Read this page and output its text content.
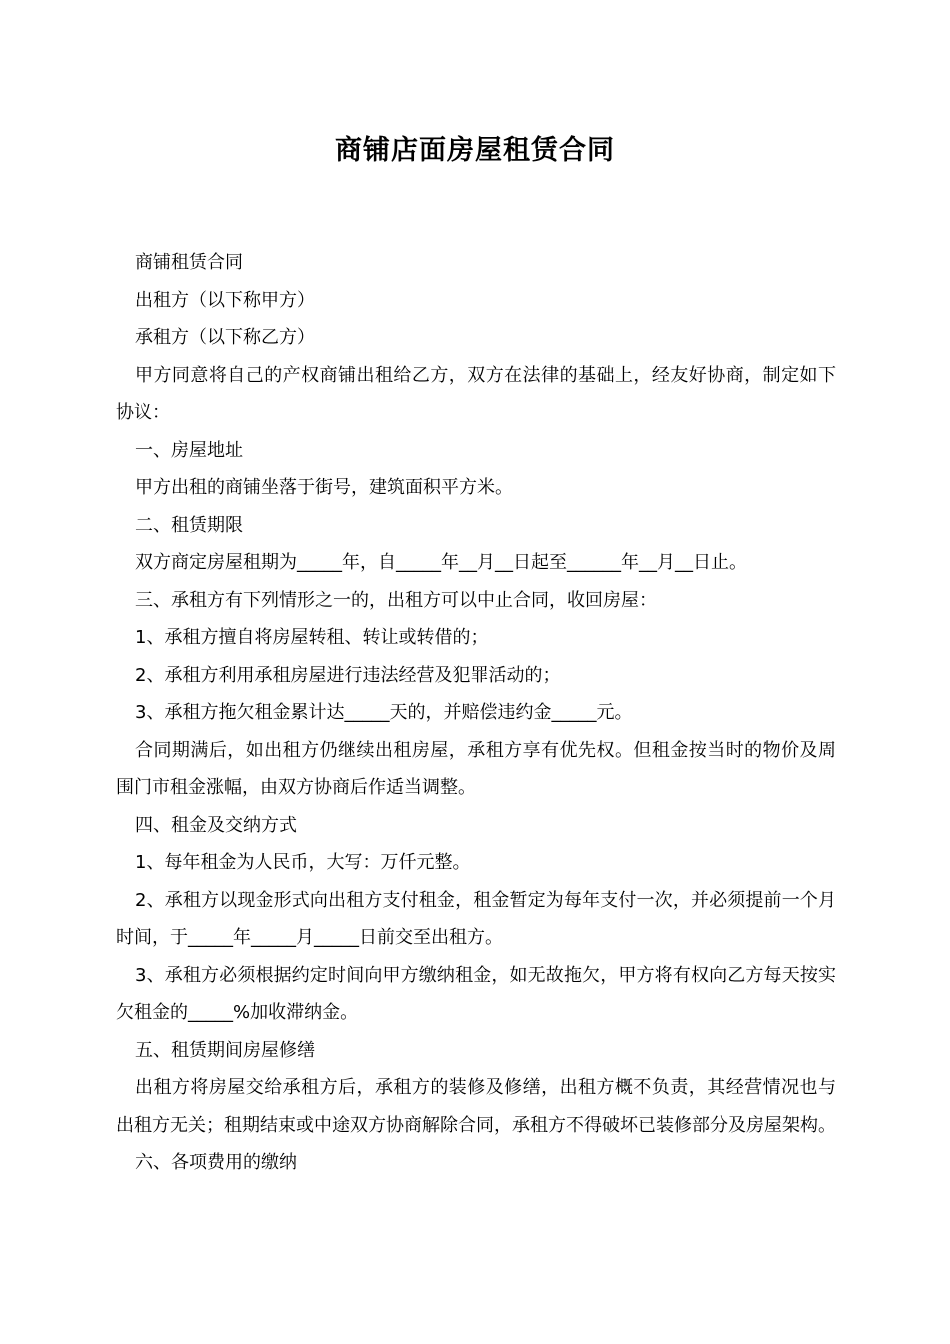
商铺店面房屋租赁合同

商铺租赁合同

出租方（以下称甲方）

承租方（以下称乙方）

甲方同意将自己的产权商铺出租给乙方，双方在法律的基础上，经友好协商，制定如下协议：

一、房屋地址

甲方出租的商铺坐落于街号，建筑面积平方米。

二、租赁期限

双方商定房屋租期为_____年，自_____年__月__日起至______年__月__日止。

三、承租方有下列情形之一的，出租方可以中止合同，收回房屋：

1、承租方擅自将房屋转租、转让或转借的；

2、承租方利用承租房屋进行违法经营及犯罪活动的；

3、承租方拖欠租金累计达_____天的，并赔偿违约金_____元。

合同期满后，如出租方仍继续出租房屋，承租方享有优先权。但租金按当时的物价及周围门市租金涨幅，由双方协商后作适当调整。

四、租金及交纳方式

1、每年租金为人民币，大写：万仟元整。

2、承租方以现金形式向出租方支付租金，租金暂定为每年支付一次，并必须提前一个月时间，于_____年_____月_____日前交至出租方。

3、承租方必须根据约定时间向甲方缴纳租金，如无故拖欠，甲方将有权向乙方每天按实欠租金的_____%加收滞纳金。

五、租赁期间房屋修缮

出租方将房屋交给承租方后，承租方的装修及修缮，出租方概不负责，其经营情况也与出租方无关；租期结束或中途双方协商解除合同，承租方不得破坏已装修部分及房屋架构。

六、各项费用的缴纳
